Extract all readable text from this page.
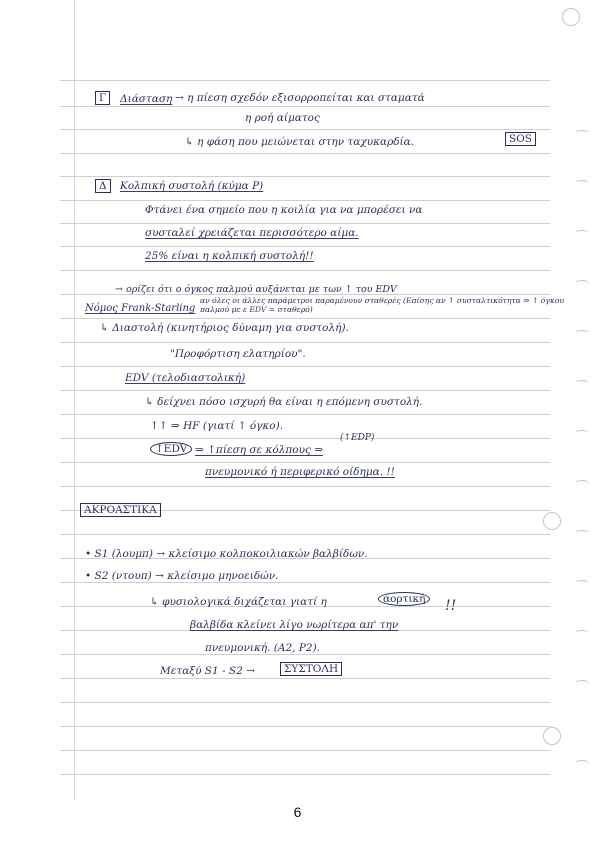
Γ	Διάσταση → η πίεση σχεδόν εξισορροπείται και σταματά
η ροή αίματος
↳ η φάση που μειώνεται στην ταχυκαρδία.	SOS
Δ	Κολπική συστολή (κύμα P)
Φτάνει ένα σημείο που η κοιλία για να μπορέσει να
συσταλεί χρειάζεται περισσότερο αίμα.
25% είναι η κολπική συστολή!!
→ ορίζει ότι ο όγκος παλμού αυξάνεται με των ↑ του EDV
Νόμος Frank-Starling
αν όλες οι άλλες παράμετροι παραμένουν σταθερές (Επίσης αν ↑ συσταλτικότητα ⇒ ↑ όγκου παλμού με ε EDV = σταθερό)
↳ Διαστολή (κινητήριος δύναμη για συστολή).
"Προφόρτιση ελατηρίου".
EDV (τελοδιαστολική)
↳ δείχνει πόσο ισχυρή θα είναι η επόμενη συστολή.
↑↑ ⇒ HF (γιατί ↑ όγκο).
↑EDV ⇒ ↑πίεση σε κόλπους ⇒
(↑EDP)
πνευμονικό ή περιφερικό οίδημα. !!
ΑΚΡΟΑΣΤΙΚΑ
• S1 (λουμπ) → κλείσιμο κολποκοιλιακών βαλβίδων.
• S2 (ντουπ) → κλείσιμο μηνοειδών.
↳ φυσιολογικά διχάζεται γιατί η	αορτική	!!
βαλβίδα κλείνει λίγο νωρίτερα απ' την
πνευμονική. (A2, P2).
Μεταξύ S1 - S2 →	ΣΥΣΤΟΛΗ
6
